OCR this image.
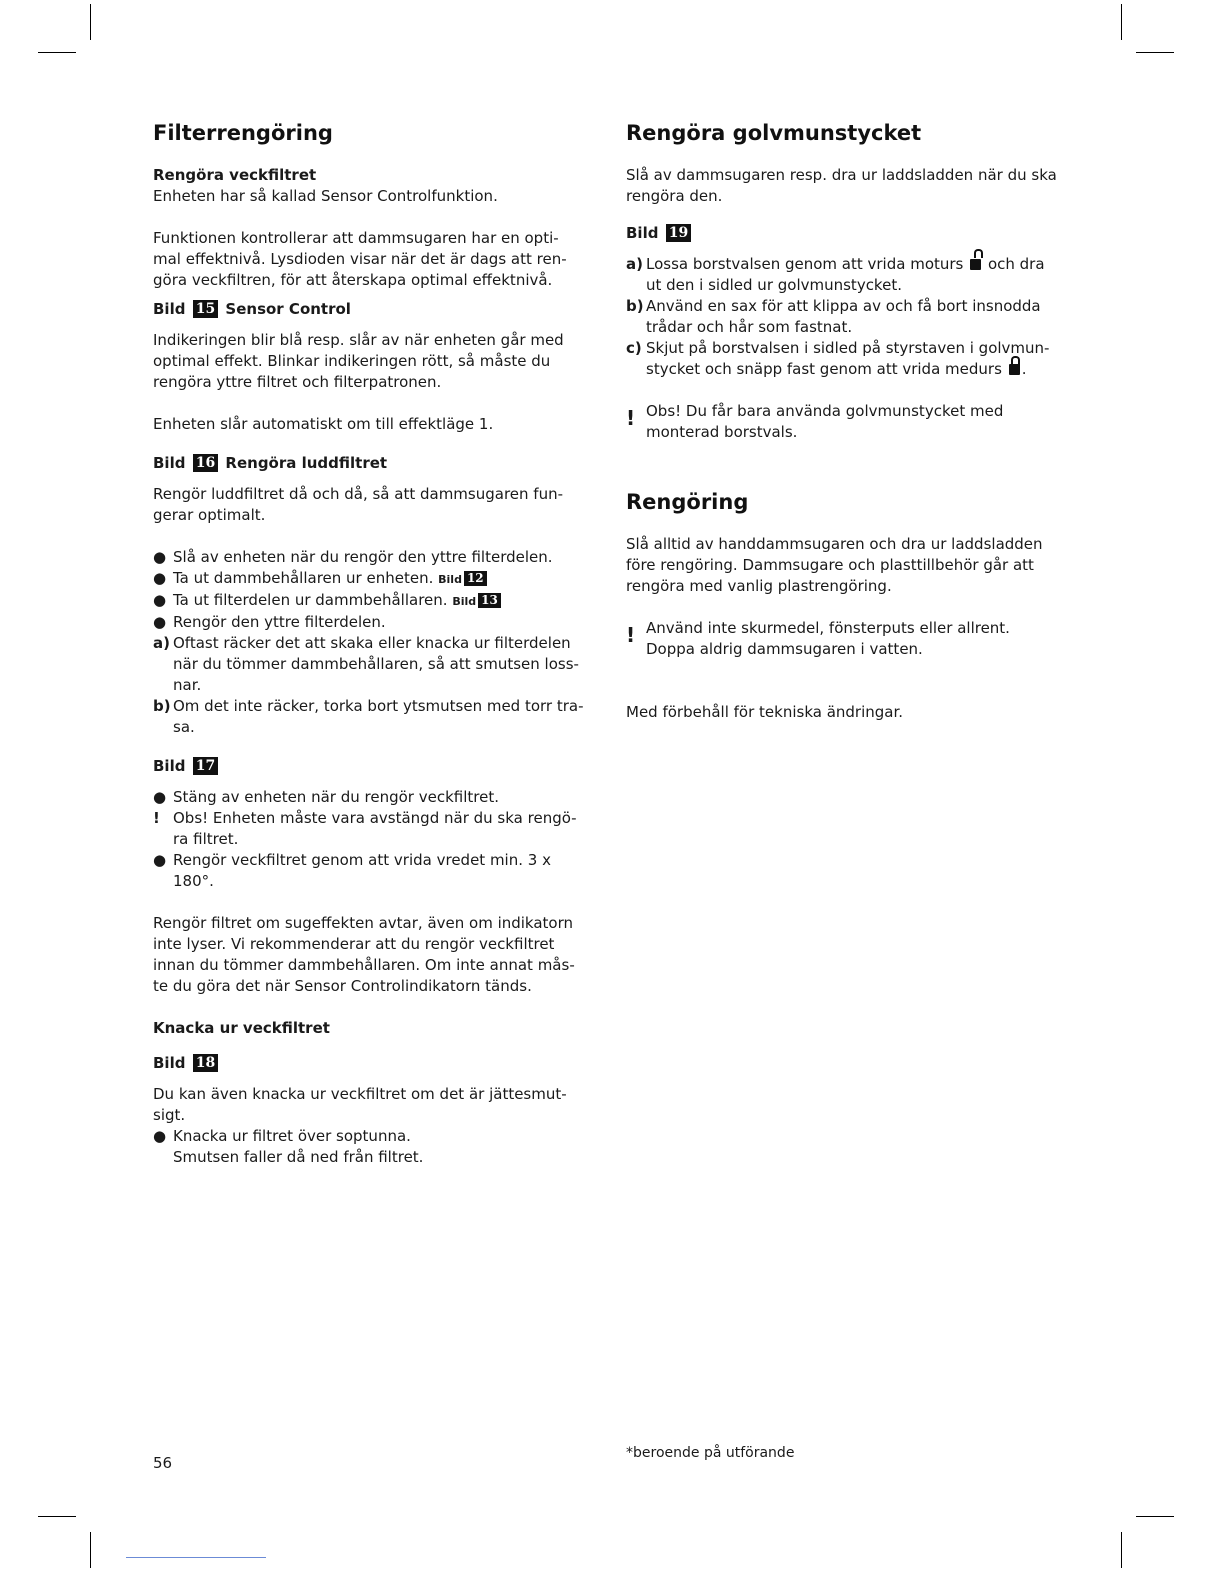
Filterrengöring

Rengöra veckfiltret

Enheten har så kallad Sensor Controlfunktion.

Funktionen kontrollerar att dammsugaren har en opti-mal effektnivå. Lysdioden visar när det är dags att ren-göra veckfiltren, för att återskapa optimal effektnivå.

Bild 15 Sensor Control

Indikeringen blir blå resp. slår av när enheten går med optimal effekt. Blinkar indikeringen rött, så måste du rengöra yttre filtret och filterpatronen.

Enheten slår automatiskt om till effektläge 1.

Bild 16 Rengöra luddfiltret

Rengör luddfiltret då och då, så att dammsugaren fun-gerar optimalt.

● Slå av enheten när du rengör den yttre filterdelen.
● Ta ut dammbehållaren ur enheten. Bild 12
● Ta ut filterdelen ur dammbehållaren. Bild 13
● Rengör den yttre filterdelen.
a) Oftast räcker det att skaka eller knacka ur filterdelen när du tömmer dammbehållaren, så att smutsen loss-nar.
b) Om det inte räcker, torka bort ytsmutsen med torr tra-sa.
Bild 17
● Stäng av enheten när du rengör veckfiltret.
! Obs! Enheten måste vara avstängd när du ska rengö-ra filtret.
● Rengör veckfiltret genom att vrida vredet min. 3 x 180°.

Rengör filtret om sugeffekten avtar, även om indikatorn inte lyser. Vi rekommenderar att du rengör veckfiltret innan du tömmer dammbehållaren. Om inte annat mås-te du göra det när Sensor Controlindikatorn tänds.

Knacka ur veckfiltret

Bild 18

Du kan även knacka ur veckfiltret om det är jättesmut-sigt.

● Knacka ur filtret över soptunna.
Smutsen faller då ned från filtret.
Rengöra golvmunstycket

Slå av dammsugaren resp. dra ur laddsladden när du ska rengöra den.

Bild 19
a) Lossa borstvalsen genom att vrida moturs och dra ut den i sidled ur golvmunstycket.
b) Använd en sax för att klippa av och få bort insnodda trådar och hår som fastnat.
c) Skjut på borstvalsen i sidled på styrstaven i golvmun-stycket och snäpp fast genom att vrida medurs .
! Obs! Du får bara använda golvmunstycket med monterad borstvals.
Rengöring

Slå alltid av handdammsugaren och dra ur laddsladden före rengöring. Dammsugare och plasttillbehör går att rengöra med vanlig plastrengöring.

! Använd inte skurmedel, fönsterputs eller allrent.
Doppa aldrig dammsugaren i vatten.

Med förbehåll för tekniska ändringar.

56
*beroende på utförande
